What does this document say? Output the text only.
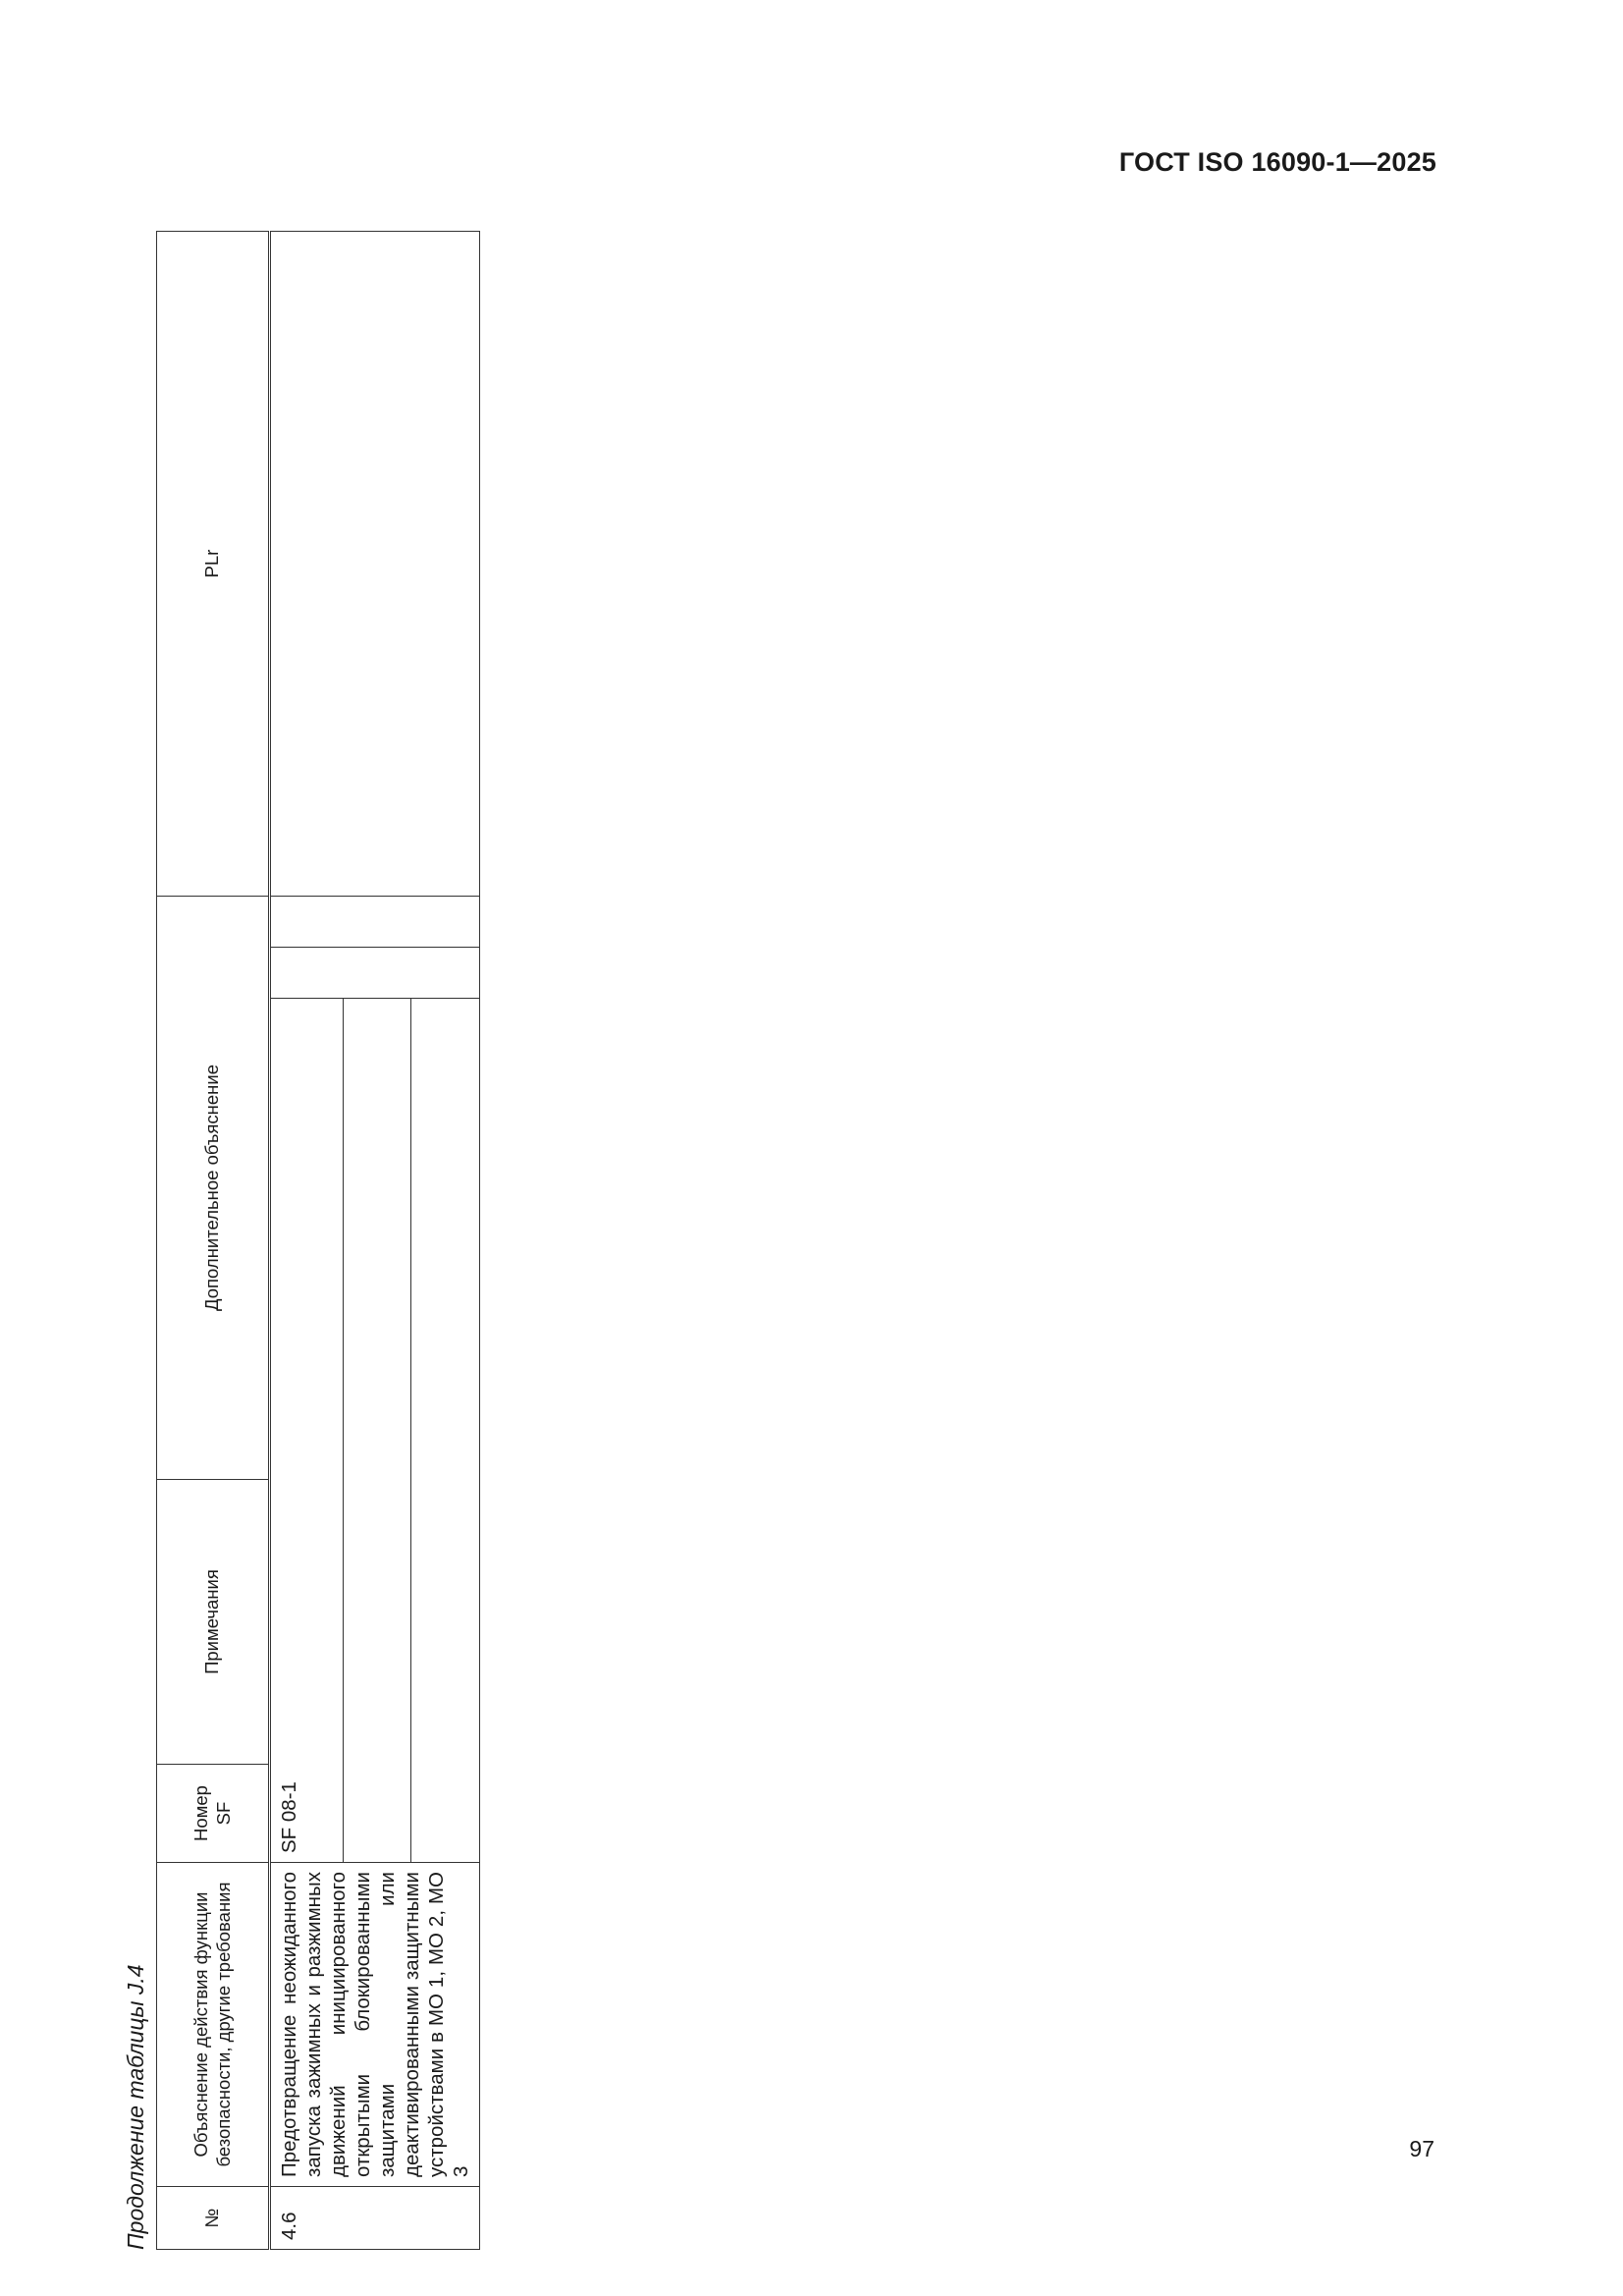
ГОСТ ISO 16090-1—2025
Продолжение таблицы J.4	№	Объяснение действия функции безопасности, другие требования	Номер SF	Примечания	Дополнительное объяснение			PLr
4.6	Предотвращение неожиданного запуска зажимных и разжимных движений инициированного открытыми блокированными защитами или деактивированными защитными устройствами в MO 1, MO 2, MO 3	SF 08-1					

97
